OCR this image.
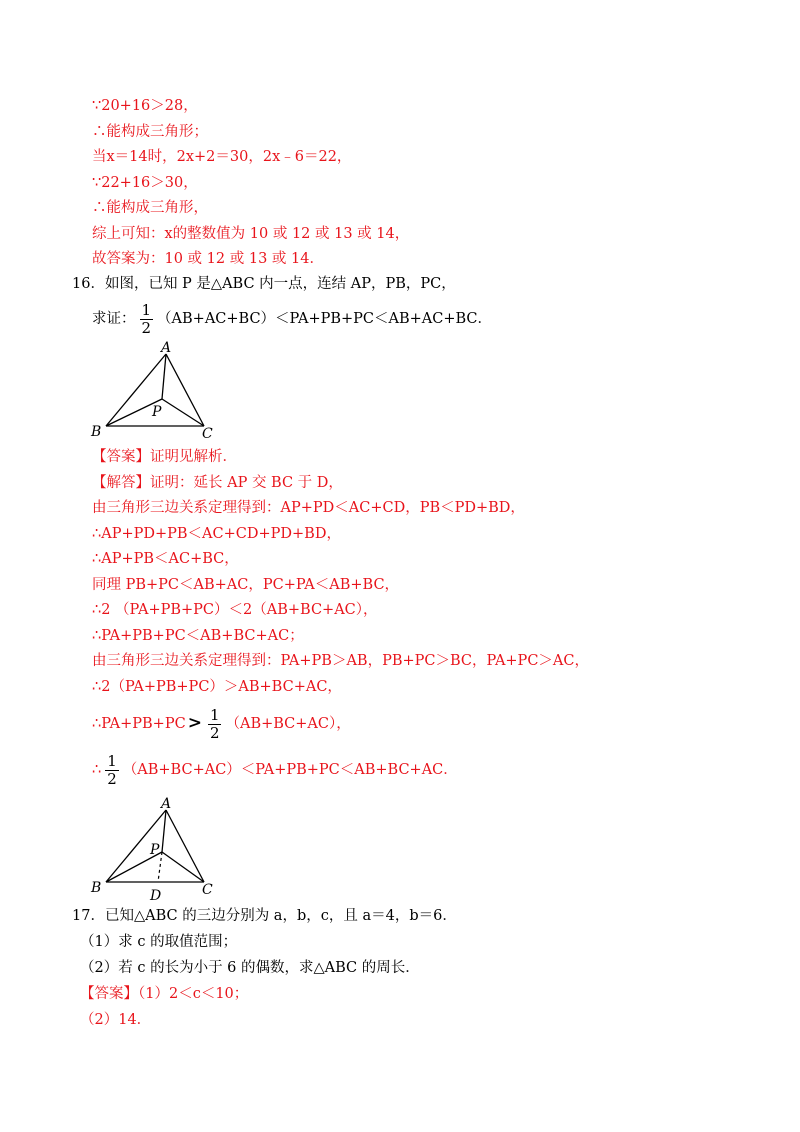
∵20+16＞28，
∴能构成三角形；
当x＝14时，2x+2＝30，2x﹣6＝22，
∵22+16＞30，
∴能构成三角形，
综上可知：x的整数值为 10 或 12 或 13 或 14，
故答案为：10 或 12 或 13 或 14．
16．如图，已知 P 是△ABC 内一点，连结 AP，PB，PC，
求证： $\frac{1}{2} (AB+AC+BC)<PA+PB+PC<AB+AC+BC$．
A
B	C
P
【答案】证明见解析．
【解答】证明：延长 AP 交 BC 于 D，
由三角形三边关系定理得到：AP+PD＜AC+CD，PB＜PD+BD，
∴AP+PD+PB＜AC+CD+PD+BD，
∴AP+PB＜AC+BC，
同理 PB+PC＜AB+AC，PC+PA＜AB+BC，
∴2 （PA+PB+PC）＜2（AB+BC+AC），
∴PA+PB+PC＜AB+BC+AC；
由三角形三边关系定理得到：PA+PB＞AB，PB+PC＞BC，PA+PC＞AC，
∴2（PA+PB+PC）＞AB+BC+AC，
∴PA+PB+PC > $\frac{1}{2} (AB+BC+AC)$，
∴ $\frac{1}{2} (AB+BC+AC)<PA+PB+PC<AB+BC+AC$．
A
B	C
P
D
17．已知△ABC 的三边分别为 a，b，c，且 a＝4，b＝6．
（1）求 c 的取值范围；
（2）若 c 的长为小于 6 的偶数，求△ABC 的周长．
【答案】（1）2＜c＜10；
（2）14．
